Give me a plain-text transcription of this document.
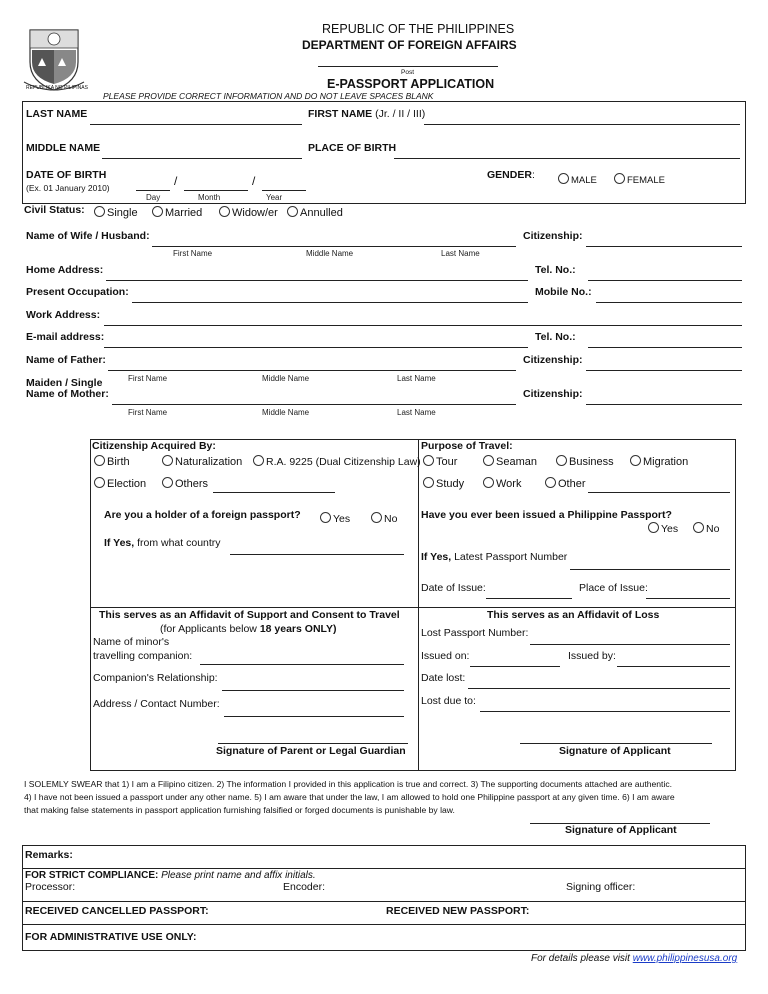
REPUBLIKA NG PILIPINAS
REPUBLIC OF THE PHILIPPINES
DEPARTMENT OF FOREIGN AFFAIRS
Post
E-PASSPORT APPLICATION
PLEASE PROVIDE CORRECT INFORMATION AND DO NOT LEAVE SPACES BLANK
LAST NAME	FIRST NAME (Jr. / II / III)
MIDDLE NAME	PLACE OF BIRTH
DATE OF BIRTH
(Ex. 01 January 2010)	/	/
Day	Month	Year
GENDER:	MALE	FEMALE
Civil Status:	Single	Married	Widow/er	Annulled
Name of Wife / Husband:	Citizenship:
First Name	Middle Name	Last Name
Home Address:	Tel. No.:
Present Occupation:	Mobile No.:
Work Address:
E-mail address:	Tel. No.:
Name of Father:	Citizenship:
First Name	Middle Name	Last Name
Maiden / Single
Name of Mother:	Citizenship:
First Name	Middle Name	Last Name
Citizenship Acquired By:
Birth	Naturalization	R.A. 9225 (Dual Citizenship Law)
Election	Others
Are you a holder of a foreign passport?	Yes	No
If Yes, from what country
Purpose of Travel:
Tour	Seaman	Business	Migration
Study	Work	Other
Have you ever been issued a Philippine Passport?
Yes	No
If Yes, Latest Passport Number
Date of Issue:	Place of Issue:
This serves as an Affidavit of Support and Consent to Travel
(for Applicants below 18 years ONLY)
Name of minor's
travelling companion:
Companion's Relationship:
Address / Contact Number:
Signature of Parent or Legal Guardian
This serves as an Affidavit of Loss
Lost Passport Number:
Issued on:	Issued by:
Date lost:
Lost due to:
Signature of Applicant
I SOLEMLY SWEAR that 1) I am a Filipino citizen. 2) The information I provided in this application is true and correct. 3) The supporting documents attached are authentic.
4) I have not been issued a passport under any other name. 5) I am aware that under the law, I am allowed to hold one Philippine passport at any given time. 6) I am aware
that making false statements in passport application furnishing falsified or forged documents is punishable by law.
Signature of Applicant
Remarks:
FOR STRICT COMPLIANCE: Please print name and affix initials.
Processor:	Encoder:	Signing officer:
RECEIVED CANCELLED PASSPORT:	RECEIVED NEW PASSPORT:
FOR ADMINISTRATIVE USE ONLY:
For details please visit www.philippinesusa.org
